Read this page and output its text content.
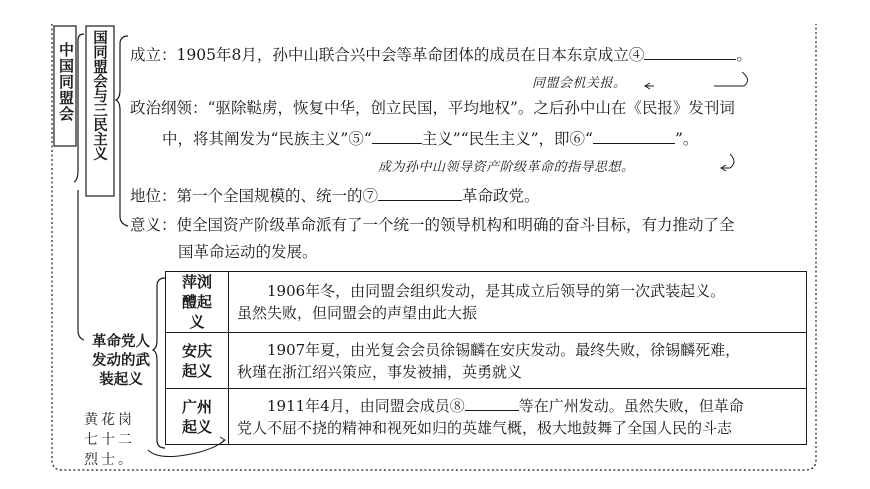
中国同盟会 国同盟会与三民主义 成立：1905年8月，孙中山联合兴中会等革命团体的成员在日本东京成立④	。
同盟会机关报。
政治纲领：“驱除鞑虏，恢复中华，创立民国，平均地权”。之后孙中山在《民报》发刊词
中，将其阐发为“民族主义”⑤“	主义”“民生主义”，即⑥“	”。
成为孙中山领导资产阶级革命的指导思想。
地位：第一个全国规模的、统一的⑦	革命政党。
意义：使全国资产阶级革命派有了一个统一的领导机构和明确的奋斗目标，有力推动了全
国革命运动的发展。
革命党人发动的武装起义
黄花岗
七十二
烈士。
萍浏醴起义	1906年冬，由同盟会组织发动，是其成立后领导的第一次武装起义。
虽然失败，但同盟会的声望由此大振

安庆起义	1907年夏，由光复会会员徐锡麟在安庆发动。最终失败，徐锡麟死难，
秋瑾在浙江绍兴策应，事发被捕，英勇就义

广州起义	1911年4月，由同盟会成员⑧ 等在广州发动。虽然失败，但革命
党人不屈不挠的精神和视死如归的英雄气概，极大地鼓舞了全国人民的斗志
